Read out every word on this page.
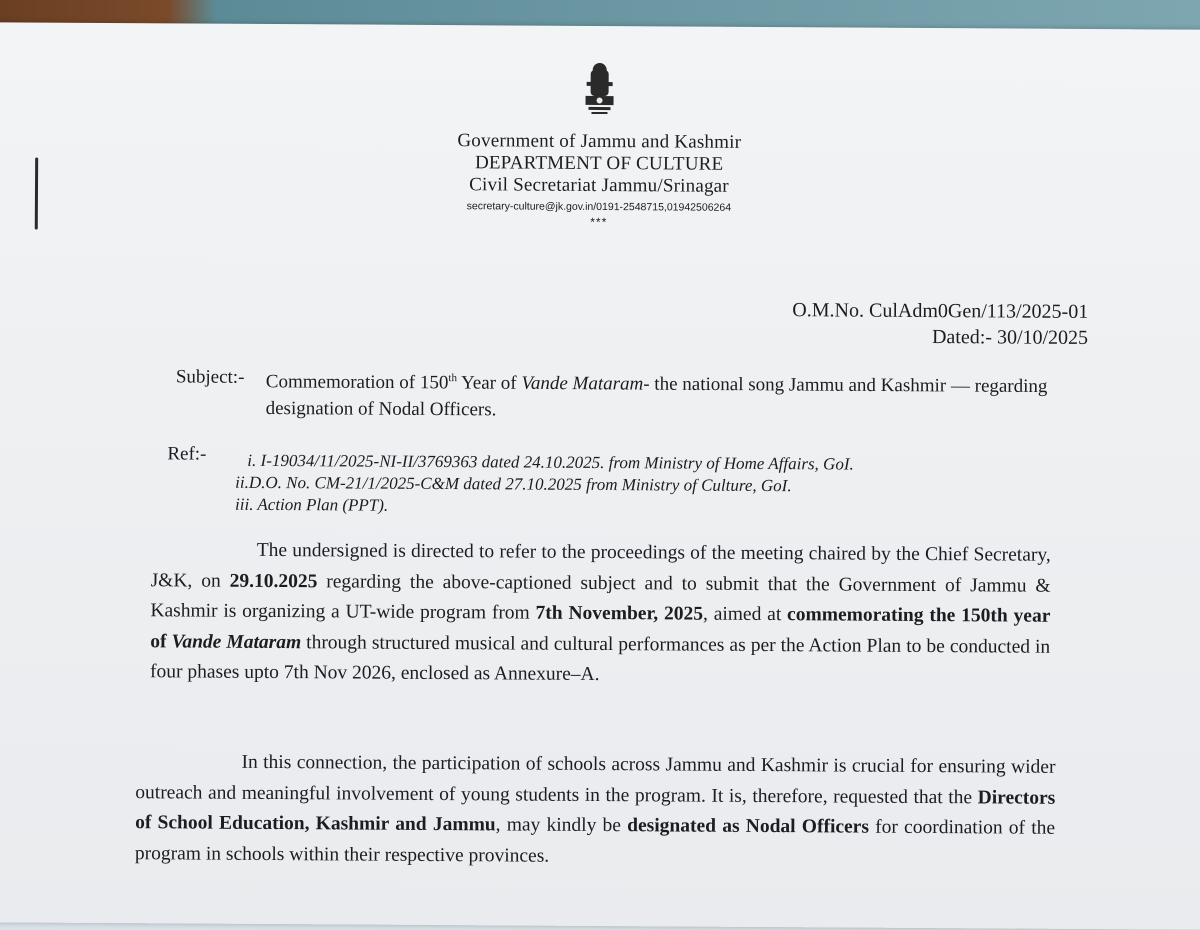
Government of Jammu and Kashmir
DEPARTMENT OF CULTURE
Civil Secretariat Jammu/Srinagar
secretary-culture@jk.gov.in/0191-2548715,01942506264
***
O.M.No. CulAdm0Gen/113/2025-01
Dated:- 30/10/2025
Subject:- Commemoration of 150th Year of Vande Mataram- the national song Jammu and Kashmir — regarding designation of Nodal Officers.
Ref:- i. I-19034/11/2025-NI-II/3769363 dated 24.10.2025. from Ministry of Home Affairs, GoI.
ii.D.O. No. CM-21/1/2025-C&M dated 27.10.2025 from Ministry of Culture, GoI.
iii. Action Plan (PPT).
The undersigned is directed to refer to the proceedings of the meeting chaired by the Chief Secretary, J&K, on 29.10.2025 regarding the above-captioned subject and to submit that the Government of Jammu & Kashmir is organizing a UT-wide program from 7th November, 2025, aimed at commemorating the 150th year of Vande Mataram through structured musical and cultural performances as per the Action Plan to be conducted in four phases upto 7th Nov 2026, enclosed as Annexure–A.
In this connection, the participation of schools across Jammu and Kashmir is crucial for ensuring wider outreach and meaningful involvement of young students in the program. It is, therefore, requested that the Directors of School Education, Kashmir and Jammu, may kindly be designated as Nodal Officers for coordination of the program in schools within their respective provinces.
